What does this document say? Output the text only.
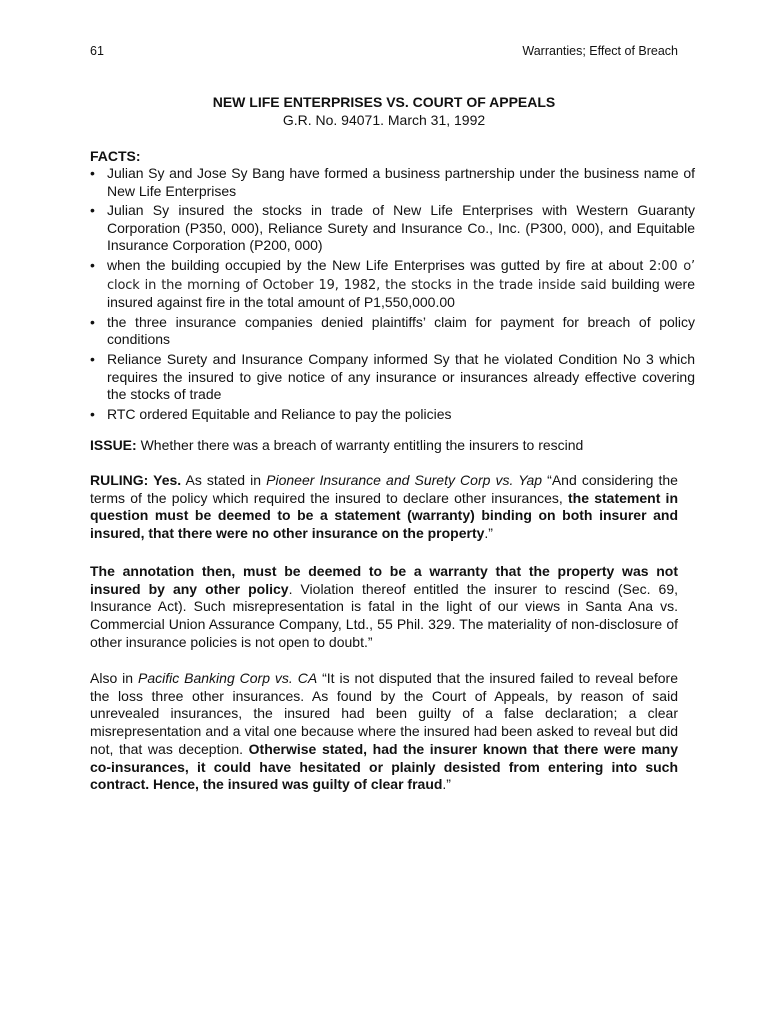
61	Warranties; Effect of Breach
NEW LIFE ENTERPRISES VS. COURT OF APPEALS
G.R. No. 94071. March 31, 1992
FACTS:
• Julian Sy and Jose Sy Bang have formed a business partnership under the business name of New Life Enterprises
• Julian Sy insured the stocks in trade of New Life Enterprises with Western Guaranty Corporation (P350, 000), Reliance Surety and Insurance Co., Inc. (P300, 000), and Equitable Insurance Corporation (P200, 000)
• when the building occupied by the New Life Enterprises was gutted by fire at about 2:00 o’ clock in the morning of October 19, 1982, the stocks in the trade inside said building were insured against fire in the total amount of P1,550,000.00
• the three insurance companies denied plaintiffs’ claim for payment for breach of policy conditions
• Reliance Surety and Insurance Company informed Sy that he violated Condition No 3 which requires the insured to give notice of any insurance or insurances already effective covering the stocks of trade
• RTC ordered Equitable and Reliance to pay the policies
ISSUE: Whether there was a breach of warranty entitling the insurers to rescind
RULING: Yes. As stated in Pioneer Insurance and Surety Corp vs. Yap “And considering the terms of the policy which required the insured to declare other insurances, the statement in question must be deemed to be a statement (warranty) binding on both insurer and insured, that there were no other insurance on the property.”
The annotation then, must be deemed to be a warranty that the property was not insured by any other policy. Violation thereof entitled the insurer to rescind (Sec. 69, Insurance Act). Such misrepresentation is fatal in the light of our views in Santa Ana vs. Commercial Union Assurance Company, Ltd., 55 Phil. 329. The materiality of non-disclosure of other insurance policies is not open to doubt.”
Also in Pacific Banking Corp vs. CA “It is not disputed that the insured failed to reveal before the loss three other insurances. As found by the Court of Appeals, by reason of said unrevealed insurances, the insured had been guilty of a false declaration; a clear misrepresentation and a vital one because where the insured had been asked to reveal but did not, that was deception. Otherwise stated, had the insurer known that there were many co-insurances, it could have hesitated or plainly desisted from entering into such contract. Hence, the insured was guilty of clear fraud.”
